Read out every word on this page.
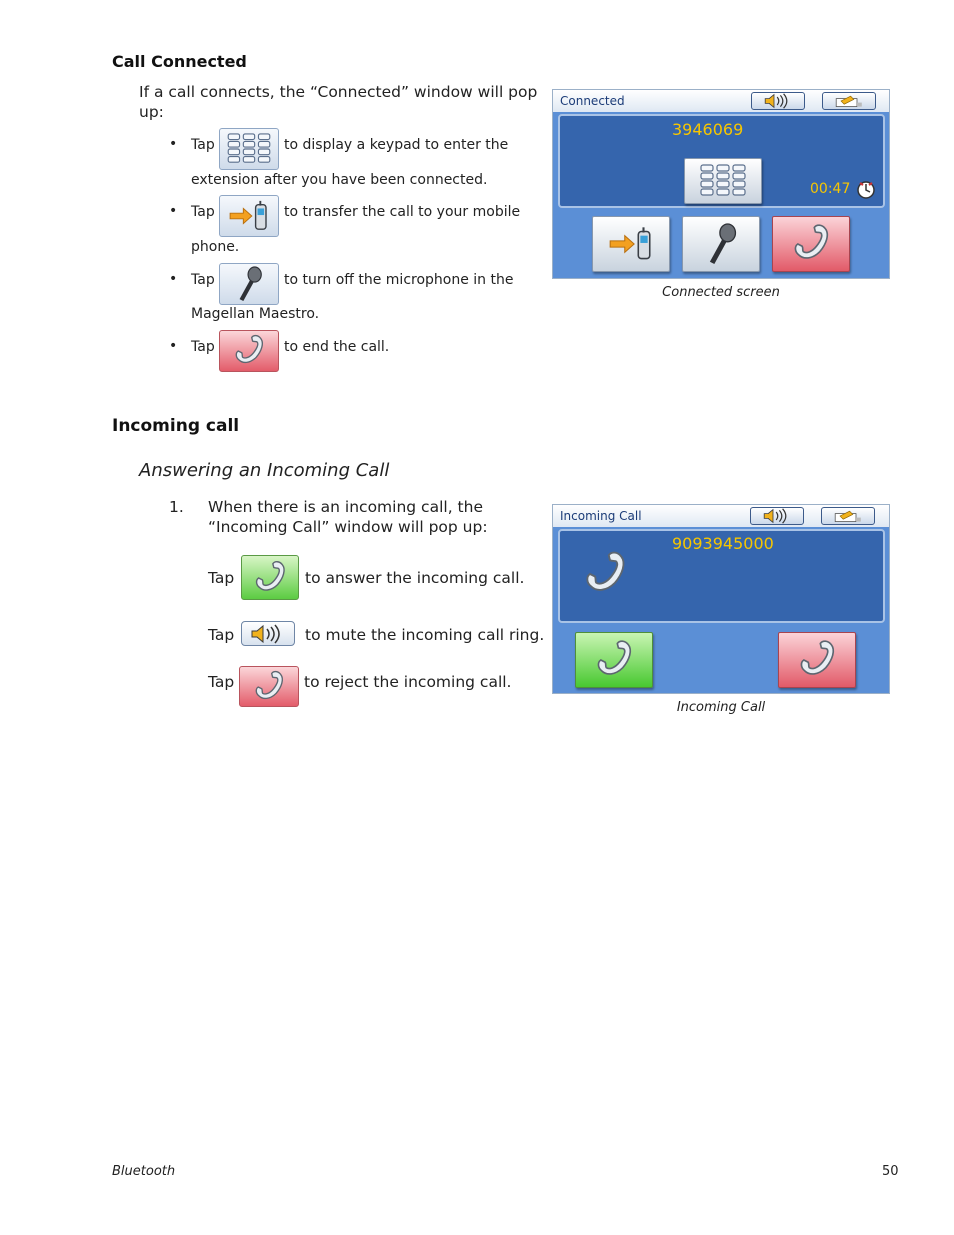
Call Connected
If a call connects, the “Connected” window will pop up:
• Tap	to display a keypad to enter the
extension after you have been connected.
• Tap	to transfer the call to your mobile
phone.
• Tap	to turn off the microphone in the
Magellan Maestro.
• Tap	to end the call.
Connected
3946069
00:47
Connected screen
Incoming call
Answering an Incoming Call
1. When there is an incoming call, the “Incoming Call” window will pop up:
Tap	to answer the incoming call.
Tap	to mute the incoming call ring.
Tap	to reject the incoming call.
Incoming Call
9093945000
Incoming Call
Bluetooth	50
